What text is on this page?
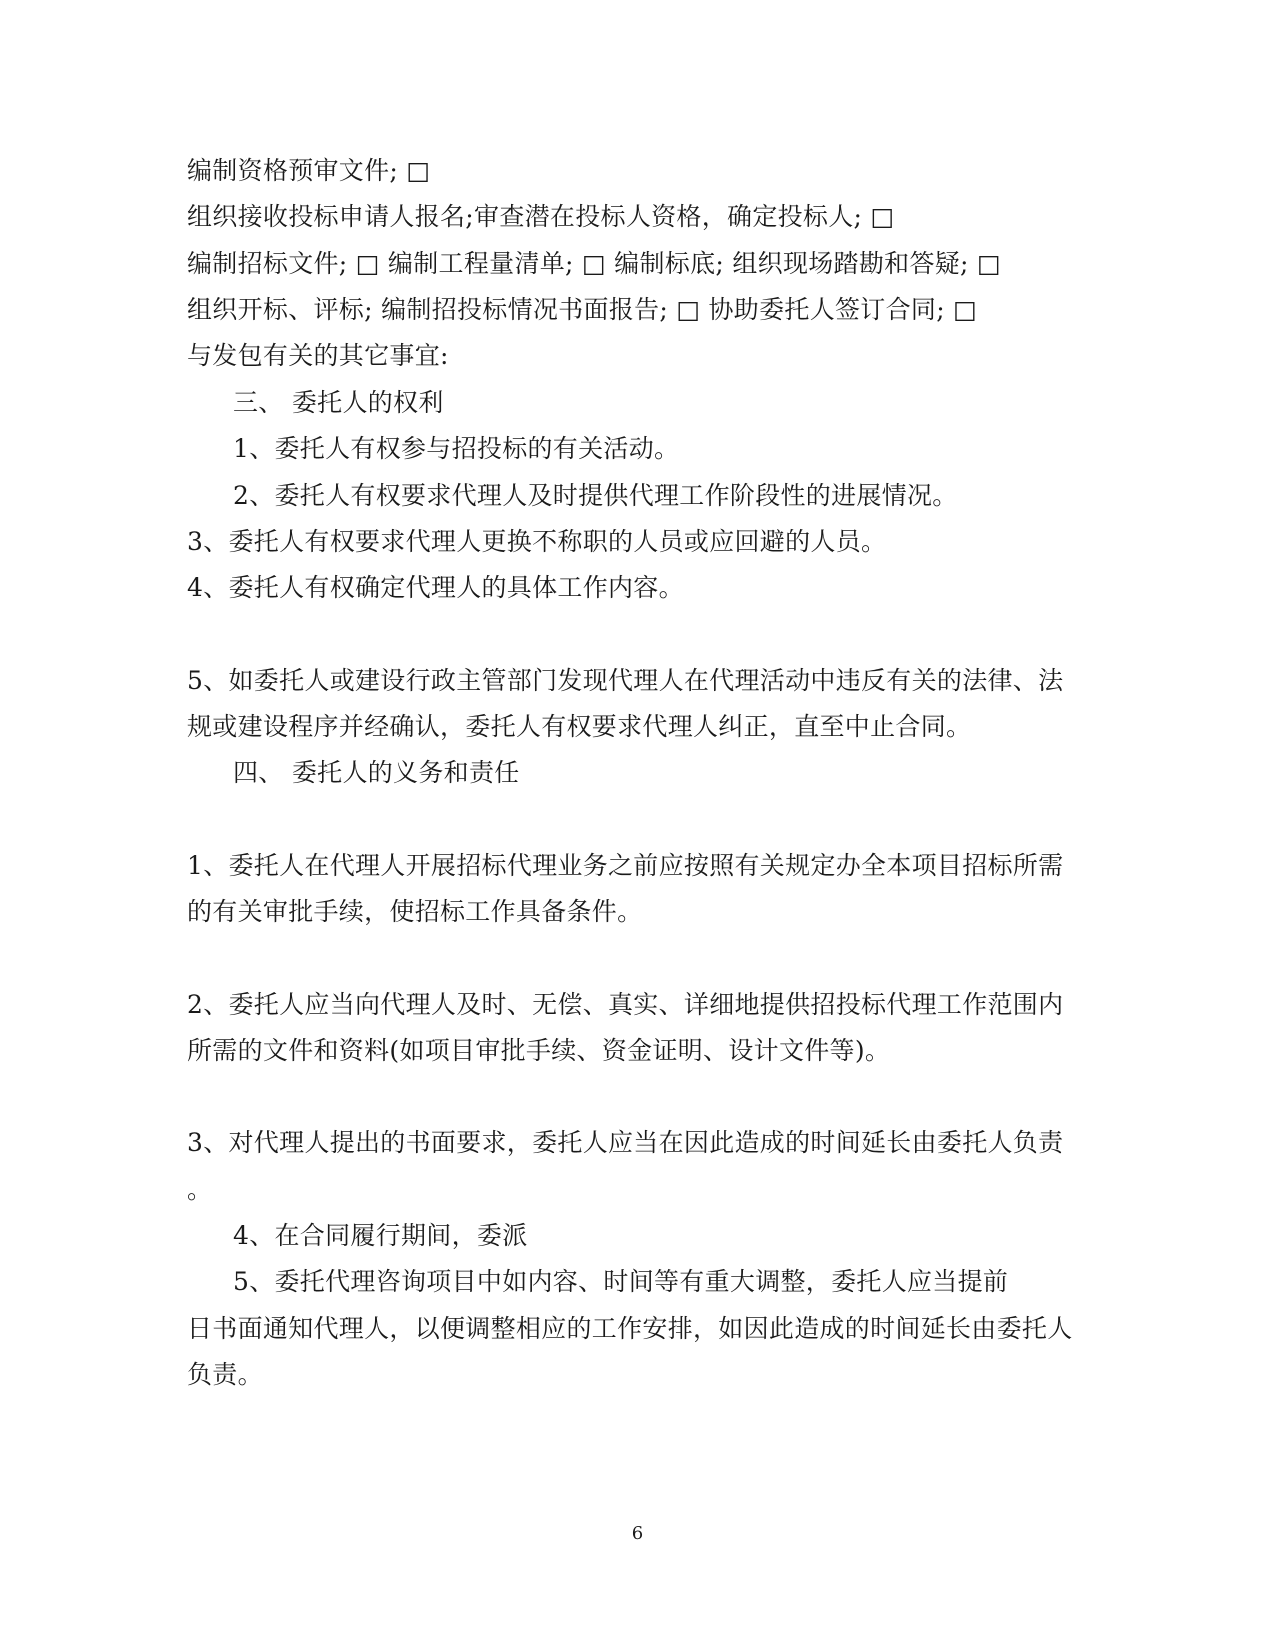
编制资格预审文件; □
组织接收投标申请人报名;审查潜在投标人资格，确定投标人; □
编制招标文件; □ 编制工程量清单; □ 编制标底; 组织现场踏勘和答疑; □
组织开标、评标; 编制招投标情况书面报告; □ 协助委托人签订合同; □
与发包有关的其它事宜:
三、 委托人的权利
1、委托人有权参与招投标的有关活动。
2、委托人有权要求代理人及时提供代理工作阶段性的进展情况。
3、委托人有权要求代理人更换不称职的人员或应回避的人员。
4、委托人有权确定代理人的具体工作内容。
5、如委托人或建设行政主管部门发现代理人在代理活动中违反有关的法律、法
规或建设程序并经确认，委托人有权要求代理人纠正，直至中止合同。
四、 委托人的义务和责任
1、委托人在代理人开展招标代理业务之前应按照有关规定办全本项目招标所需
的有关审批手续，使招标工作具备条件。
2、委托人应当向代理人及时、无偿、真实、详细地提供招投标代理工作范围内
所需的文件和资料(如项目审批手续、资金证明、设计文件等)。
3、对代理人提出的书面要求，委托人应当在因此造成的时间延长由委托人负责
。
4、在合同履行期间，委派
5、委托代理咨询项目中如内容、时间等有重大调整，委托人应当提前
日书面通知代理人，以便调整相应的工作安排，如因此造成的时间延长由委托人
负责。
6
